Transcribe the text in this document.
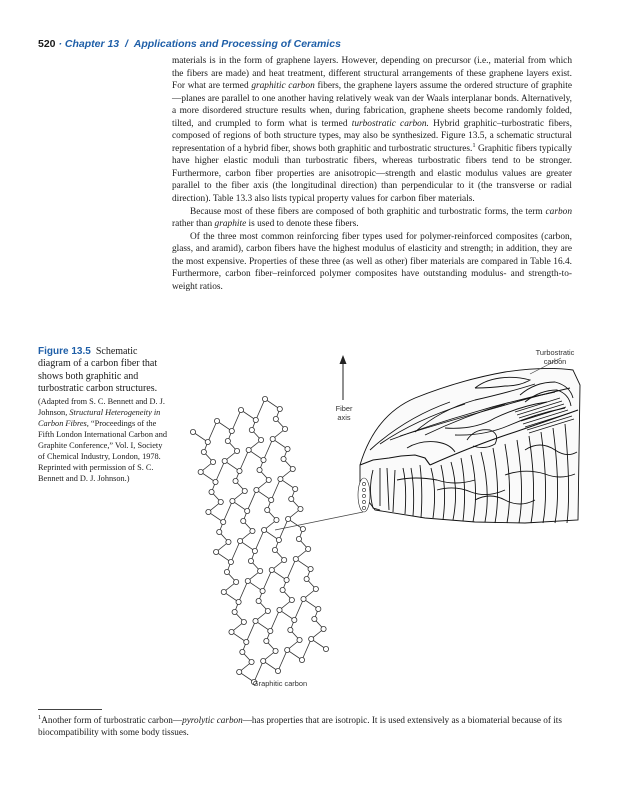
520 · Chapter 13 / Applications and Processing of Ceramics

materials is in the form of graphene layers. However, depending on precursor (i.e., material from which the fibers are made) and heat treatment, different structural arrangements of these graphene layers exist. For what are termed graphitic carbon fibers, the graphene layers assume the ordered structure of graphite—planes are parallel to one another having relatively weak van der Waals interplanar bonds. Alternatively, a more disordered structure results when, during fabrication, graphene sheets become randomly folded, tilted, and crumpled to form what is termed turbostratic carbon. Hybrid graphitic–turbostratic fibers, composed of regions of both structure types, may also be synthesized. Figure 13.5, a schematic structural representation of a hybrid fiber, shows both graphitic and turbostratic structures.$^1$ Graphitic fibers typically have higher elastic moduli than turbostratic fibers, whereas turbostratic fibers tend to be stronger. Furthermore, carbon fiber properties are anisotropic—strength and elastic modulus values are greater parallel to the fiber axis (the longitudinal direction) than perpendicular to it (the transverse or radial direction). Table 13.3 also lists typical property values for carbon fiber materials.

Because most of these fibers are composed of both graphitic and turbostratic forms, the term carbon rather than graphite is used to denote these fibers.

Of the three most common reinforcing fiber types used for polymer-reinforced composites (carbon, glass, and aramid), carbon fibers have the highest modulus of elasticity and strength; in addition, they are the most expensive. Properties of these three (as well as other) fiber materials are compared in Table 16.4. Furthermore, carbon fiber–reinforced polymer composites have outstanding modulus- and strength-to-weight ratios.

Figure 13.5 Schematic diagram of a carbon fiber that shows both graphitic and turbostratic carbon structures.
(Adapted from S. C. Bennett and D. J. Johnson, Structural Heterogeneity in Carbon Fibres, “Proceedings of the Fifth London International Carbon and Graphite Conference,” Vol. I, Society of Chemical Industry, London, 1978. Reprinted with permission of S. C. Bennett and D. J. Johnson.)
Fiber
axis
Turbostratic
carbon
Graphitic carbon
$^1$Another form of turbostratic carbon—pyrolytic carbon—has properties that are isotropic. It is used extensively as a biomaterial because of its biocompatibility with some body tissues.
